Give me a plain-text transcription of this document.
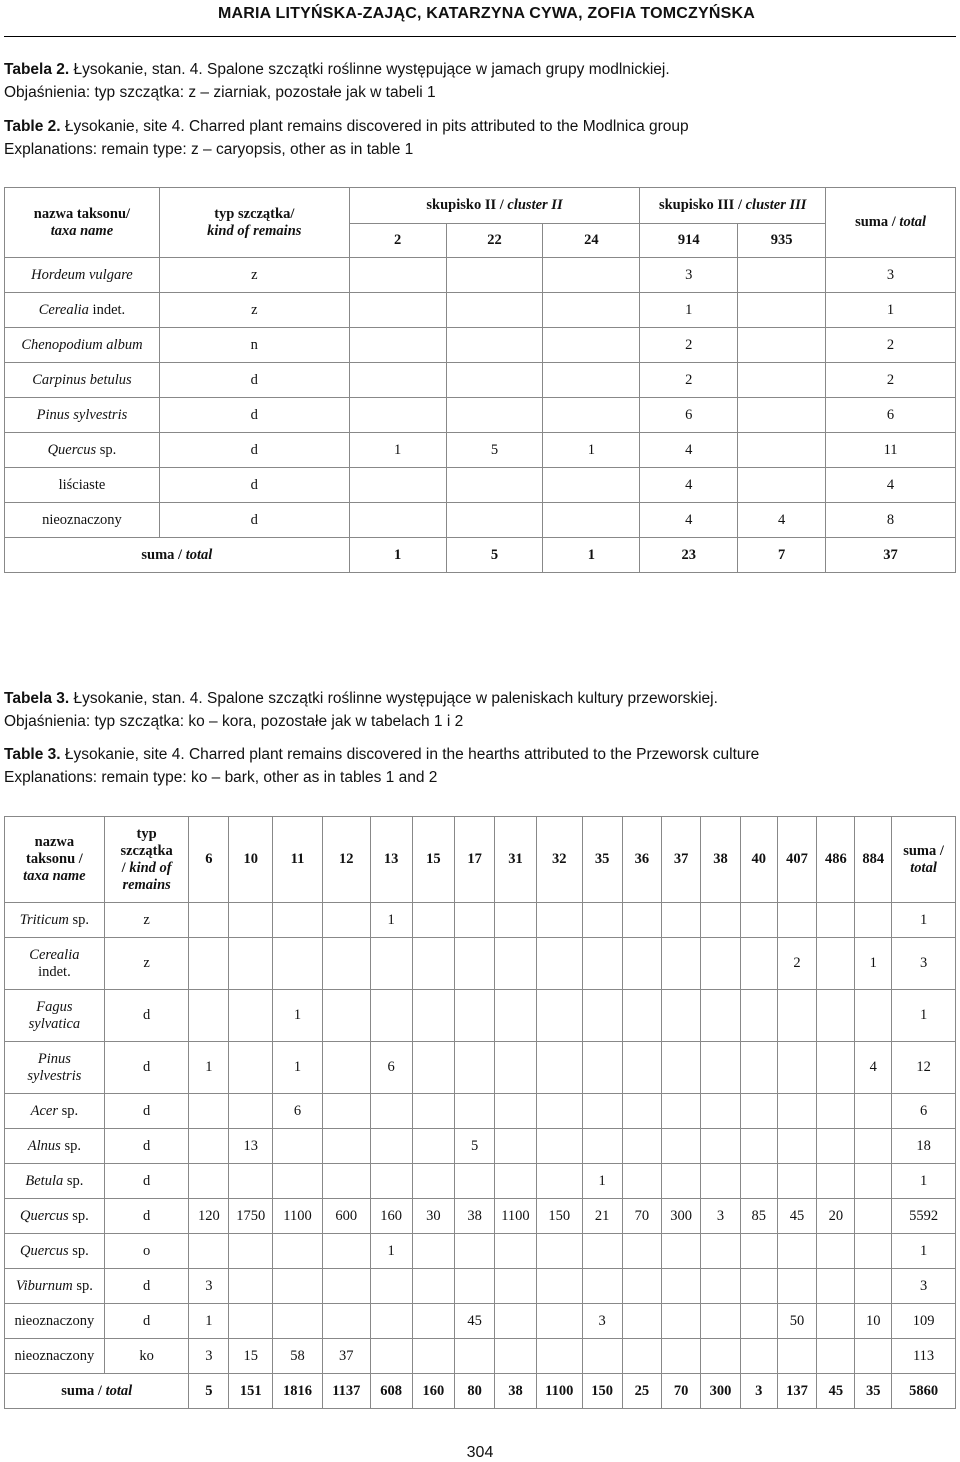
MARIA LITYŃSKA-ZAJĄC, KATARZYNA CYWA, ZOFIA TOMCZYŃSKA
Tabela 2. Łysokanie, stan. 4. Spalone szczątki roślinne występujące w jamach grupy modlnickiej.
Objaśnienia: typ szczątka: z – ziarniak, pozostałe jak w tabeli 1
Table 2. Łysokanie, site 4. Charred plant remains discovered in pits attributed to the Modlnica group
Explanations: remain type: z – caryopsis, other as in table 1
nazwa taksonu/
taxa name	typ szczątka/
kind of remains	skupisko II / cluster II			skupisko III / cluster III		suma / total
		2	22	24	914	935	
Hordeum vulgare	z				3		3
Cerealia indet.	z				1		1
Chenopodium album	n				2		2
Carpinus betulus	d				2		2
Pinus sylvestris	d				6		6
Quercus sp.	d	1	5	1	4		11
liściaste	d				4		4
nieoznaczony	d				4	4	8
suma / total		1	5	1	23	7	37
Tabela 3. Łysokanie, stan. 4. Spalone szczątki roślinne występujące w paleniskach kultury przeworskiej.
Objaśnienia: typ szczątka: ko – kora, pozostałe jak w tabelach 1 i 2
Table 3. Łysokanie, site 4. Charred plant remains discovered in the hearths attributed to the Przeworsk culture
Explanations: remain type: ko – bark, other as in tables 1 and 2
nazwa
taksonu /
taxa name	typ
szczątka
/ kind of
remains	6	10	11	12	13	15	17	31	32	35	36	37	38	40	407	486	884	suma /
total
Triticum sp.	z					1													1
Cerealia
indet.	z															2		1	3
Fagus
sylvatica	d			1															1
Pinus
sylvestris	d	1		1		6												4	12
Acer sp.	d			6															6
Alnus sp.	d		13					5											18
Betula sp.	d										1								1
Quercus sp.	d	120	1750	1100	600	160	30	38	1100	150	21	70	300	3	85	45	20		5592
Quercus sp.	o					1													1
Viburnum sp.	d	3																	3
nieoznaczony	d	1						45			3					50		10	109
nieoznaczony	ko	3	15	58	37														113
suma / total		5	151	1816	1137	608	160	80	38	1100	150	25	70	300	3	137	45	35	5860
304
